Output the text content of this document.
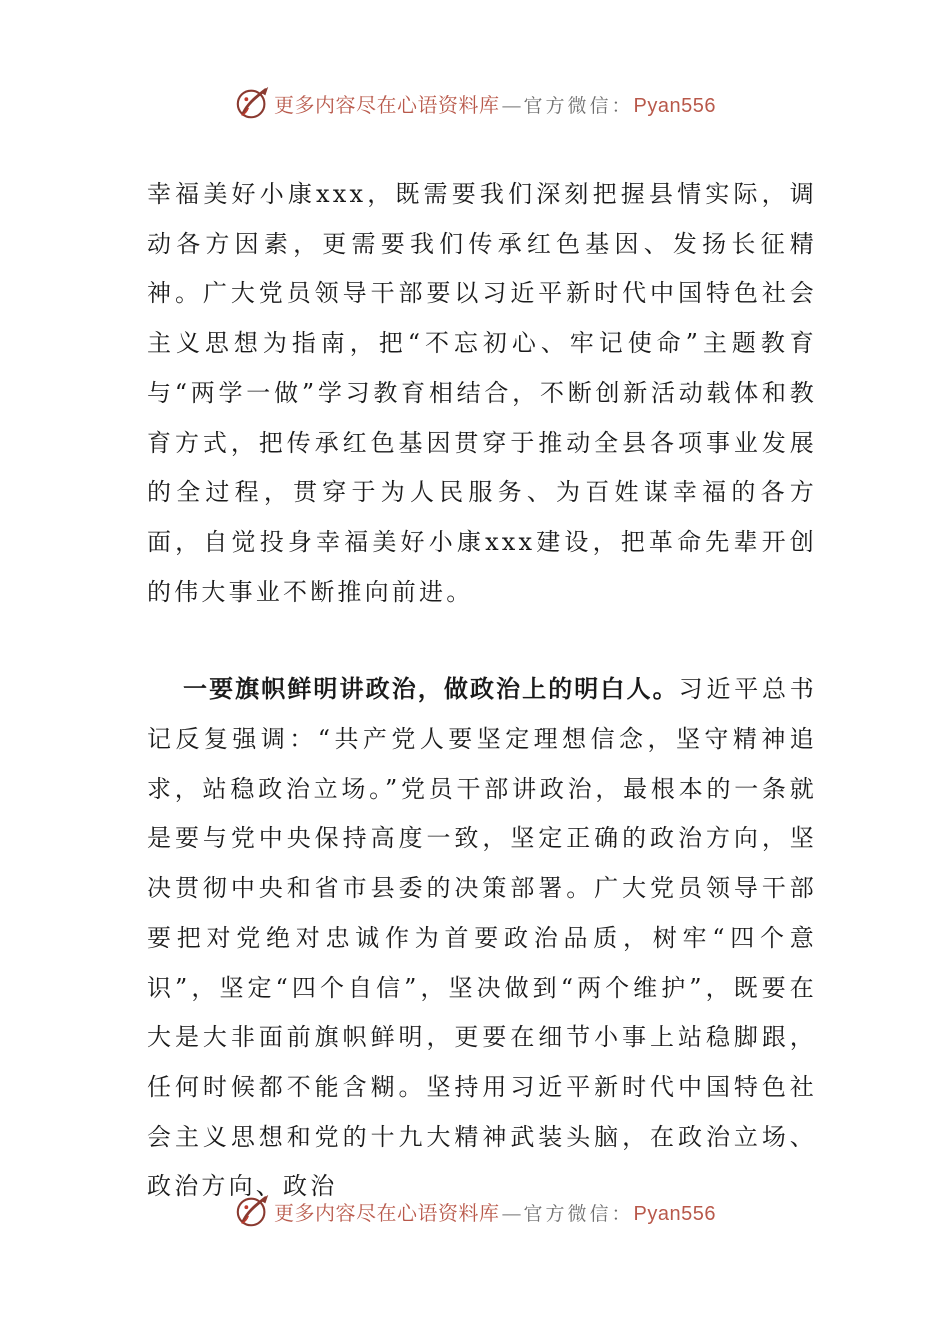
更多内容尽在心语资料库 — 官方微信： Pyan556

幸福美好小康xxx，既需要我们深刻把握县情实际，调动各方因素，更需要我们传承红色基因、发扬长征精神。广大党员领导干部要以习近平新时代中国特色社会主义思想为指南，把“不忘初心、牢记使命”主题教育与“两学一做”学习教育相结合，不断创新活动载体和教育方式，把传承红色基因贯穿于推动全县各项事业发展的全过程，贯穿于为人民服务、为百姓谋幸福的各方面，自觉投身幸福美好小康xxx建设，把革命先辈开创的伟大事业不断推向前进。

一要旗帜鲜明讲政治，做政治上的明白人。习近平总书记反复强调：“共产党人要坚定理想信念，坚守精神追求，站稳政治立场。”党员干部讲政治，最根本的一条就是要与党中央保持高度一致，坚定正确的政治方向，坚决贯彻中央和省市县委的决策部署。广大党员领导干部要把对党绝对忠诚作为首要政治品质，树牢“四个意识”，坚定“四个自信”，坚决做到“两个维护”，既要在大是大非面前旗帜鲜明，更要在细节小事上站稳脚跟，任何时候都不能含糊。坚持用习近平新时代中国特色社会主义思想和党的十九大精神武装头脑，在政治立场、政治方向、政治

更多内容尽在心语资料库 — 官方微信： Pyan556
